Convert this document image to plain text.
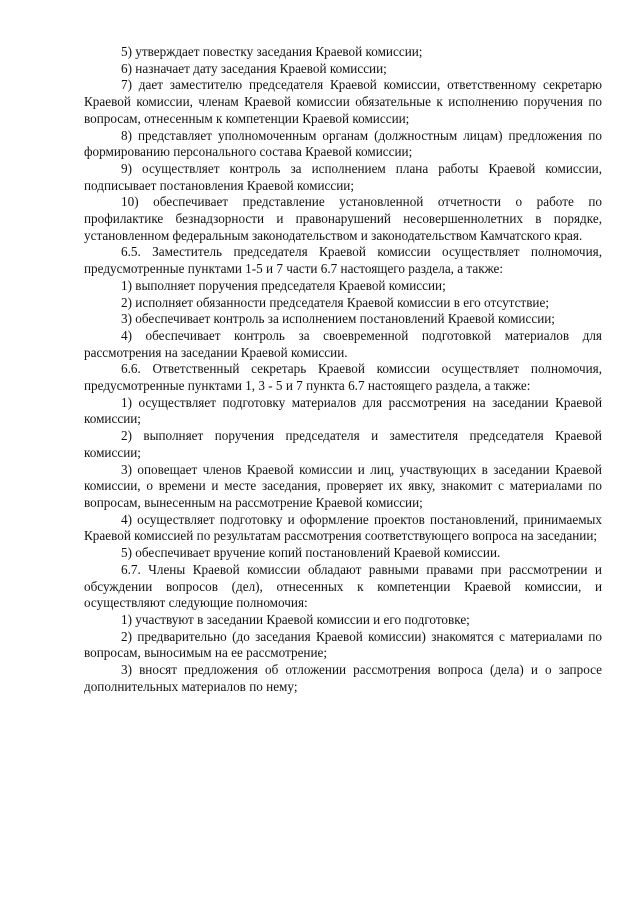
5) утверждает повестку заседания Краевой комиссии;

6) назначает дату заседания Краевой комиссии;

7) дает заместителю председателя Краевой комиссии, ответственному секретарю Краевой комиссии, членам Краевой комиссии обязательные к исполнению поручения по вопросам, отнесенным к компетенции Краевой комиссии;

8) представляет уполномоченным органам (должностным лицам) предложения по формированию персонального состава Краевой комиссии;

9) осуществляет контроль за исполнением плана работы Краевой комиссии, подписывает постановления Краевой комиссии;

10) обеспечивает представление установленной отчетности о работе по профилактике безнадзорности и правонарушений несовершеннолетних в порядке, установленном федеральным законодательством и законодательством Камчатского края.

6.5. Заместитель председателя Краевой комиссии осуществляет полномочия, предусмотренные пунктами 1-5 и 7 части 6.7 настоящего раздела, а также:

1) выполняет поручения председателя Краевой комиссии;

2) исполняет обязанности председателя Краевой комиссии в его отсутствие;

3) обеспечивает контроль за исполнением постановлений Краевой комиссии;

4) обеспечивает контроль за своевременной подготовкой материалов для рассмотрения на заседании Краевой комиссии.

6.6. Ответственный секретарь Краевой комиссии осуществляет полномочия, предусмотренные пунктами 1, 3 - 5 и 7 пункта 6.7 настоящего раздела, а также:

1) осуществляет подготовку материалов для рассмотрения на заседании Краевой комиссии;

2) выполняет поручения председателя и заместителя председателя Краевой комиссии;

3) оповещает членов Краевой комиссии и лиц, участвующих в заседании Краевой комиссии, о времени и месте заседания, проверяет их явку, знакомит с материалами по вопросам, вынесенным на рассмотрение Краевой комиссии;

4) осуществляет подготовку и оформление проектов постановлений, принимаемых Краевой комиссией по результатам рассмотрения соответствующего вопроса на заседании;

5) обеспечивает вручение копий постановлений Краевой комиссии.

6.7. Члены Краевой комиссии обладают равными правами при рассмотрении и обсуждении вопросов (дел), отнесенных к компетенции Краевой комиссии, и осуществляют следующие полномочия:

1) участвуют в заседании Краевой комиссии и его подготовке;

2) предварительно (до заседания Краевой комиссии) знакомятся с материалами по вопросам, выносимым на ее рассмотрение;

3) вносят предложения об отложении рассмотрения вопроса (дела) и о запросе дополнительных материалов по нему;
